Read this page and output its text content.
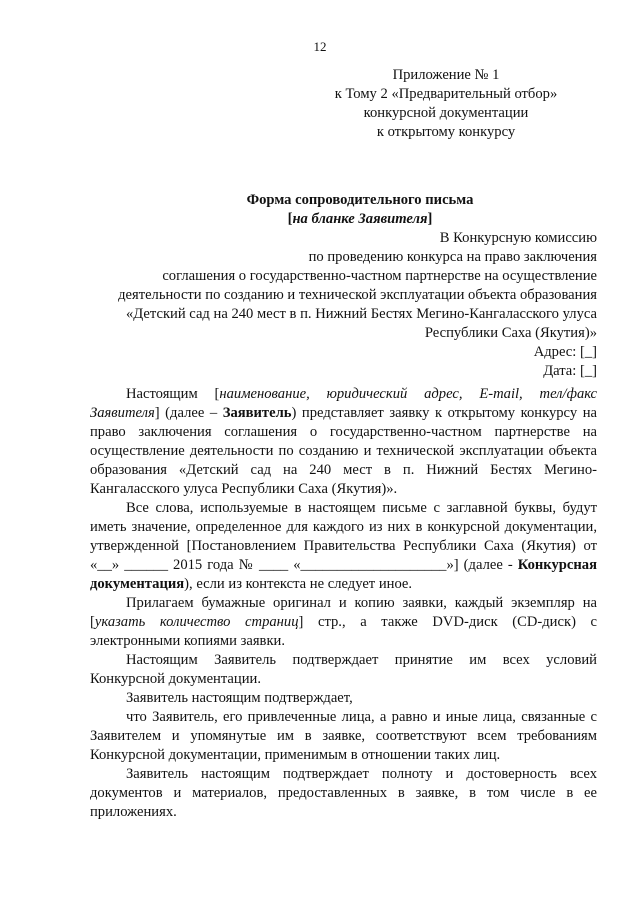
12
Приложение № 1
к Тому 2 «Предварительный отбор»
конкурсной документации
к открытому конкурсу
Форма сопроводительного письма
[на бланке Заявителя]
В Конкурсную комиссию
по проведению конкурса на право заключения
соглашения о государственно-частном партнерстве на осуществление
деятельности по созданию и технической эксплуатации объекта образования
«Детский сад на 240 мест в п. Нижний Бестях Мегино-Кангаласского улуса
Республики Саха (Якутия)»
Адрес: [_]
Дата: [_]

Настоящим [наименование, юридический адрес, E-mail, тел/факс Заявителя] (далее – Заявитель) представляет заявку к открытому конкурсу на право заключения соглашения о государственно-частном партнерстве на осуществление деятельности по созданию и технической эксплуатации объекта образования «Детский сад на 240 мест в п. Нижний Бестях Мегино-Кангаласского улуса Республики Саха (Якутия)».

Все слова, используемые в настоящем письме с заглавной буквы, будут иметь значение, определенное для каждого из них в конкурсной документации, утвержденной [Постановлением Правительства Республики Саха (Якутия) от «__» ______ 2015 года № ____ «____________________»] (далее - Конкурсная документация), если из контекста не следует иное.

Прилагаем бумажные оригинал и копию заявки, каждый экземпляр на [указать количество страниц] стр., а также DVD-диск (CD-диск) с электронными копиями заявки.

Настоящим Заявитель подтверждает принятие им всех условий Конкурсной документации.

Заявитель настоящим подтверждает,

что Заявитель, его привлеченные лица, а равно и иные лица, связанные с Заявителем и упомянутые им в заявке, соответствуют всем требованиям Конкурсной документации, применимым в отношении таких лиц.

Заявитель настоящим подтверждает полноту и достоверность всех документов и материалов, предоставленных в заявке, в том числе в ее приложениях.
